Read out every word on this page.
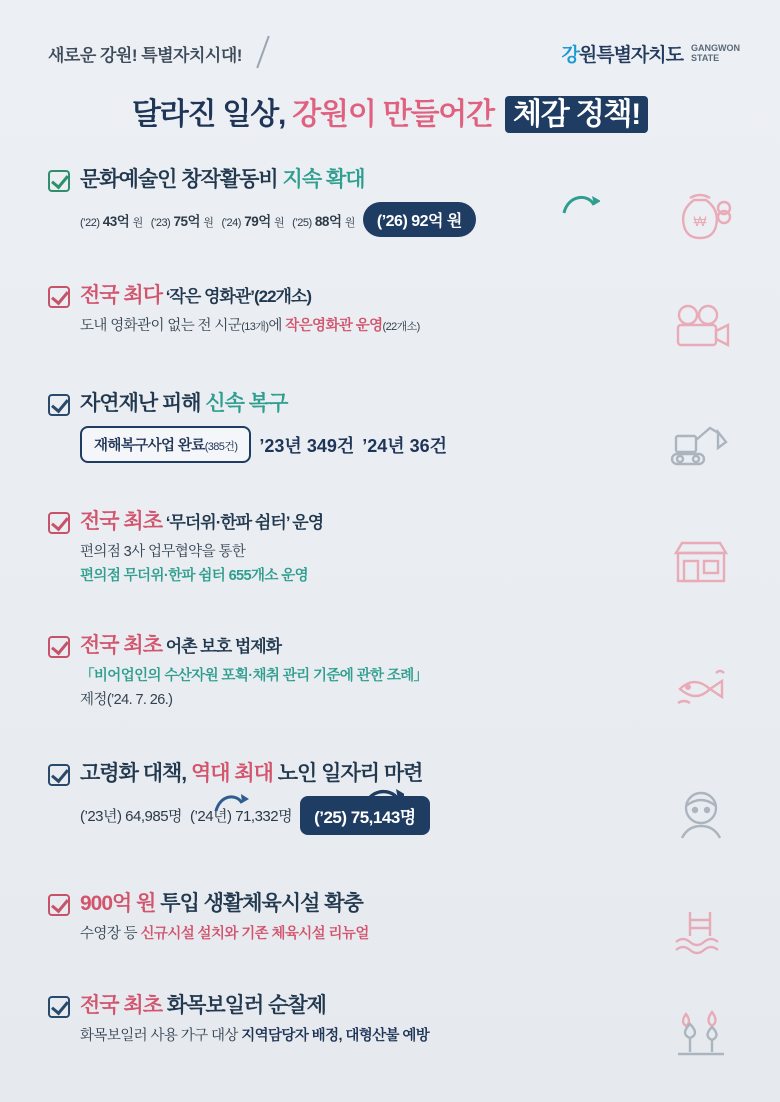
새로운 강원! 특별자치시대!	강원특별자치도 GANGWON
STATE
달라진 일상, 강원이 만들어간 체감 정책!
문화예술인 창작활동비 지속 확대
(’22) 43억 원 (’23) 75억 원 (’24) 79억 원 (’25) 88억 원	(’26) 92억 원	₩
전국 최다 ‘작은 영화관’(22개소)
도내 영화관이 없는 전 시군(13개)에 작은영화관 운영(22개소)
자연재난 피해 신속 복구
재해복구사업 완료(385건)	’23년 349건 ’24년 36건
전국 최초 ‘무더위·한파 쉼터’ 운영
편의점 3사 업무협약을 통한
편의점 무더위·한파 쉼터 655개소 운영
전국 최초 어촌 보호 법제화
「비어업인의 수산자원 포획·채취 관리 기준에 관한 조례」
제정(’24. 7. 26.)
고령화 대책, 역대 최대 노인 일자리 마련
(’23년) 64,985명 (’24년) 71,332명	(’25) 75,143명
900억 원 투입 생활체육시설 확충
수영장 등 신규시설 설치와 기존 체육시설 리뉴얼
전국 최초 화목보일러 순찰제
화목보일러 사용 가구 대상 지역담당자 배정, 대형산불 예방
